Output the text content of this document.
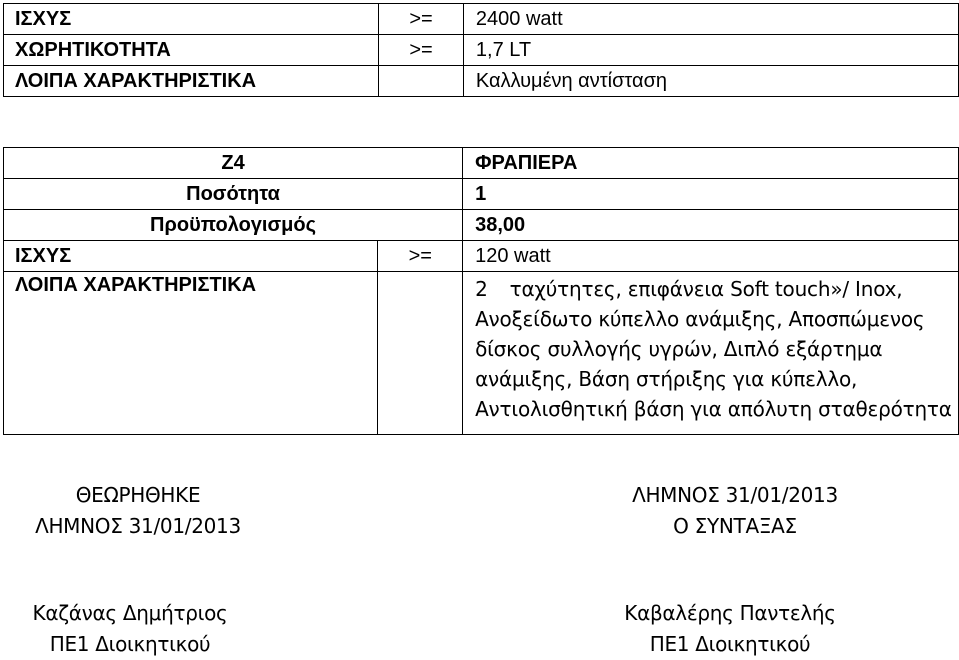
ΙΣΧΥΣ	>=	2400 watt
ΧΩΡΗΤΙΚΟΤΗΤΑ	>=	1,7 LT
ΛΟΙΠΑ ΧΑΡΑΚΤΗΡΙΣΤΙΚΑ		Καλλυμένη αντίσταση
Ζ4		ΦΡΑΠΙΕΡΑ
Ποσότητα		1
Προϋπολογισμός		38,00
ΙΣΧΥΣ	>=	120 watt
ΛΟΙΠΑ ΧΑΡΑΚΤΗΡΙΣΤΙΚΑ		2 ταχύτητες, επιφάνεια Soft touch»/ Inox,
Ανοξείδωτο κύπελλο ανάμιξης, Αποσπώμενος
δίσκος συλλογής υγρών, Διπλό εξάρτημα
ανάμιξης, Βάση στήριξης για κύπελλο,
Αντιολισθητική βάση για απόλυτη σταθερότητα
ΘΕΩΡΗΘΗΚΕ
ΛΗΜΝΟΣ 31/01/2013
ΛΗΜΝΟΣ 31/01/2013
Ο ΣΥΝΤΑΞΑΣ
Καζάνας Δημήτριος
ΠΕ1 Διοικητικού
Καβαλέρης Παντελής
ΠΕ1 Διοικητικού
